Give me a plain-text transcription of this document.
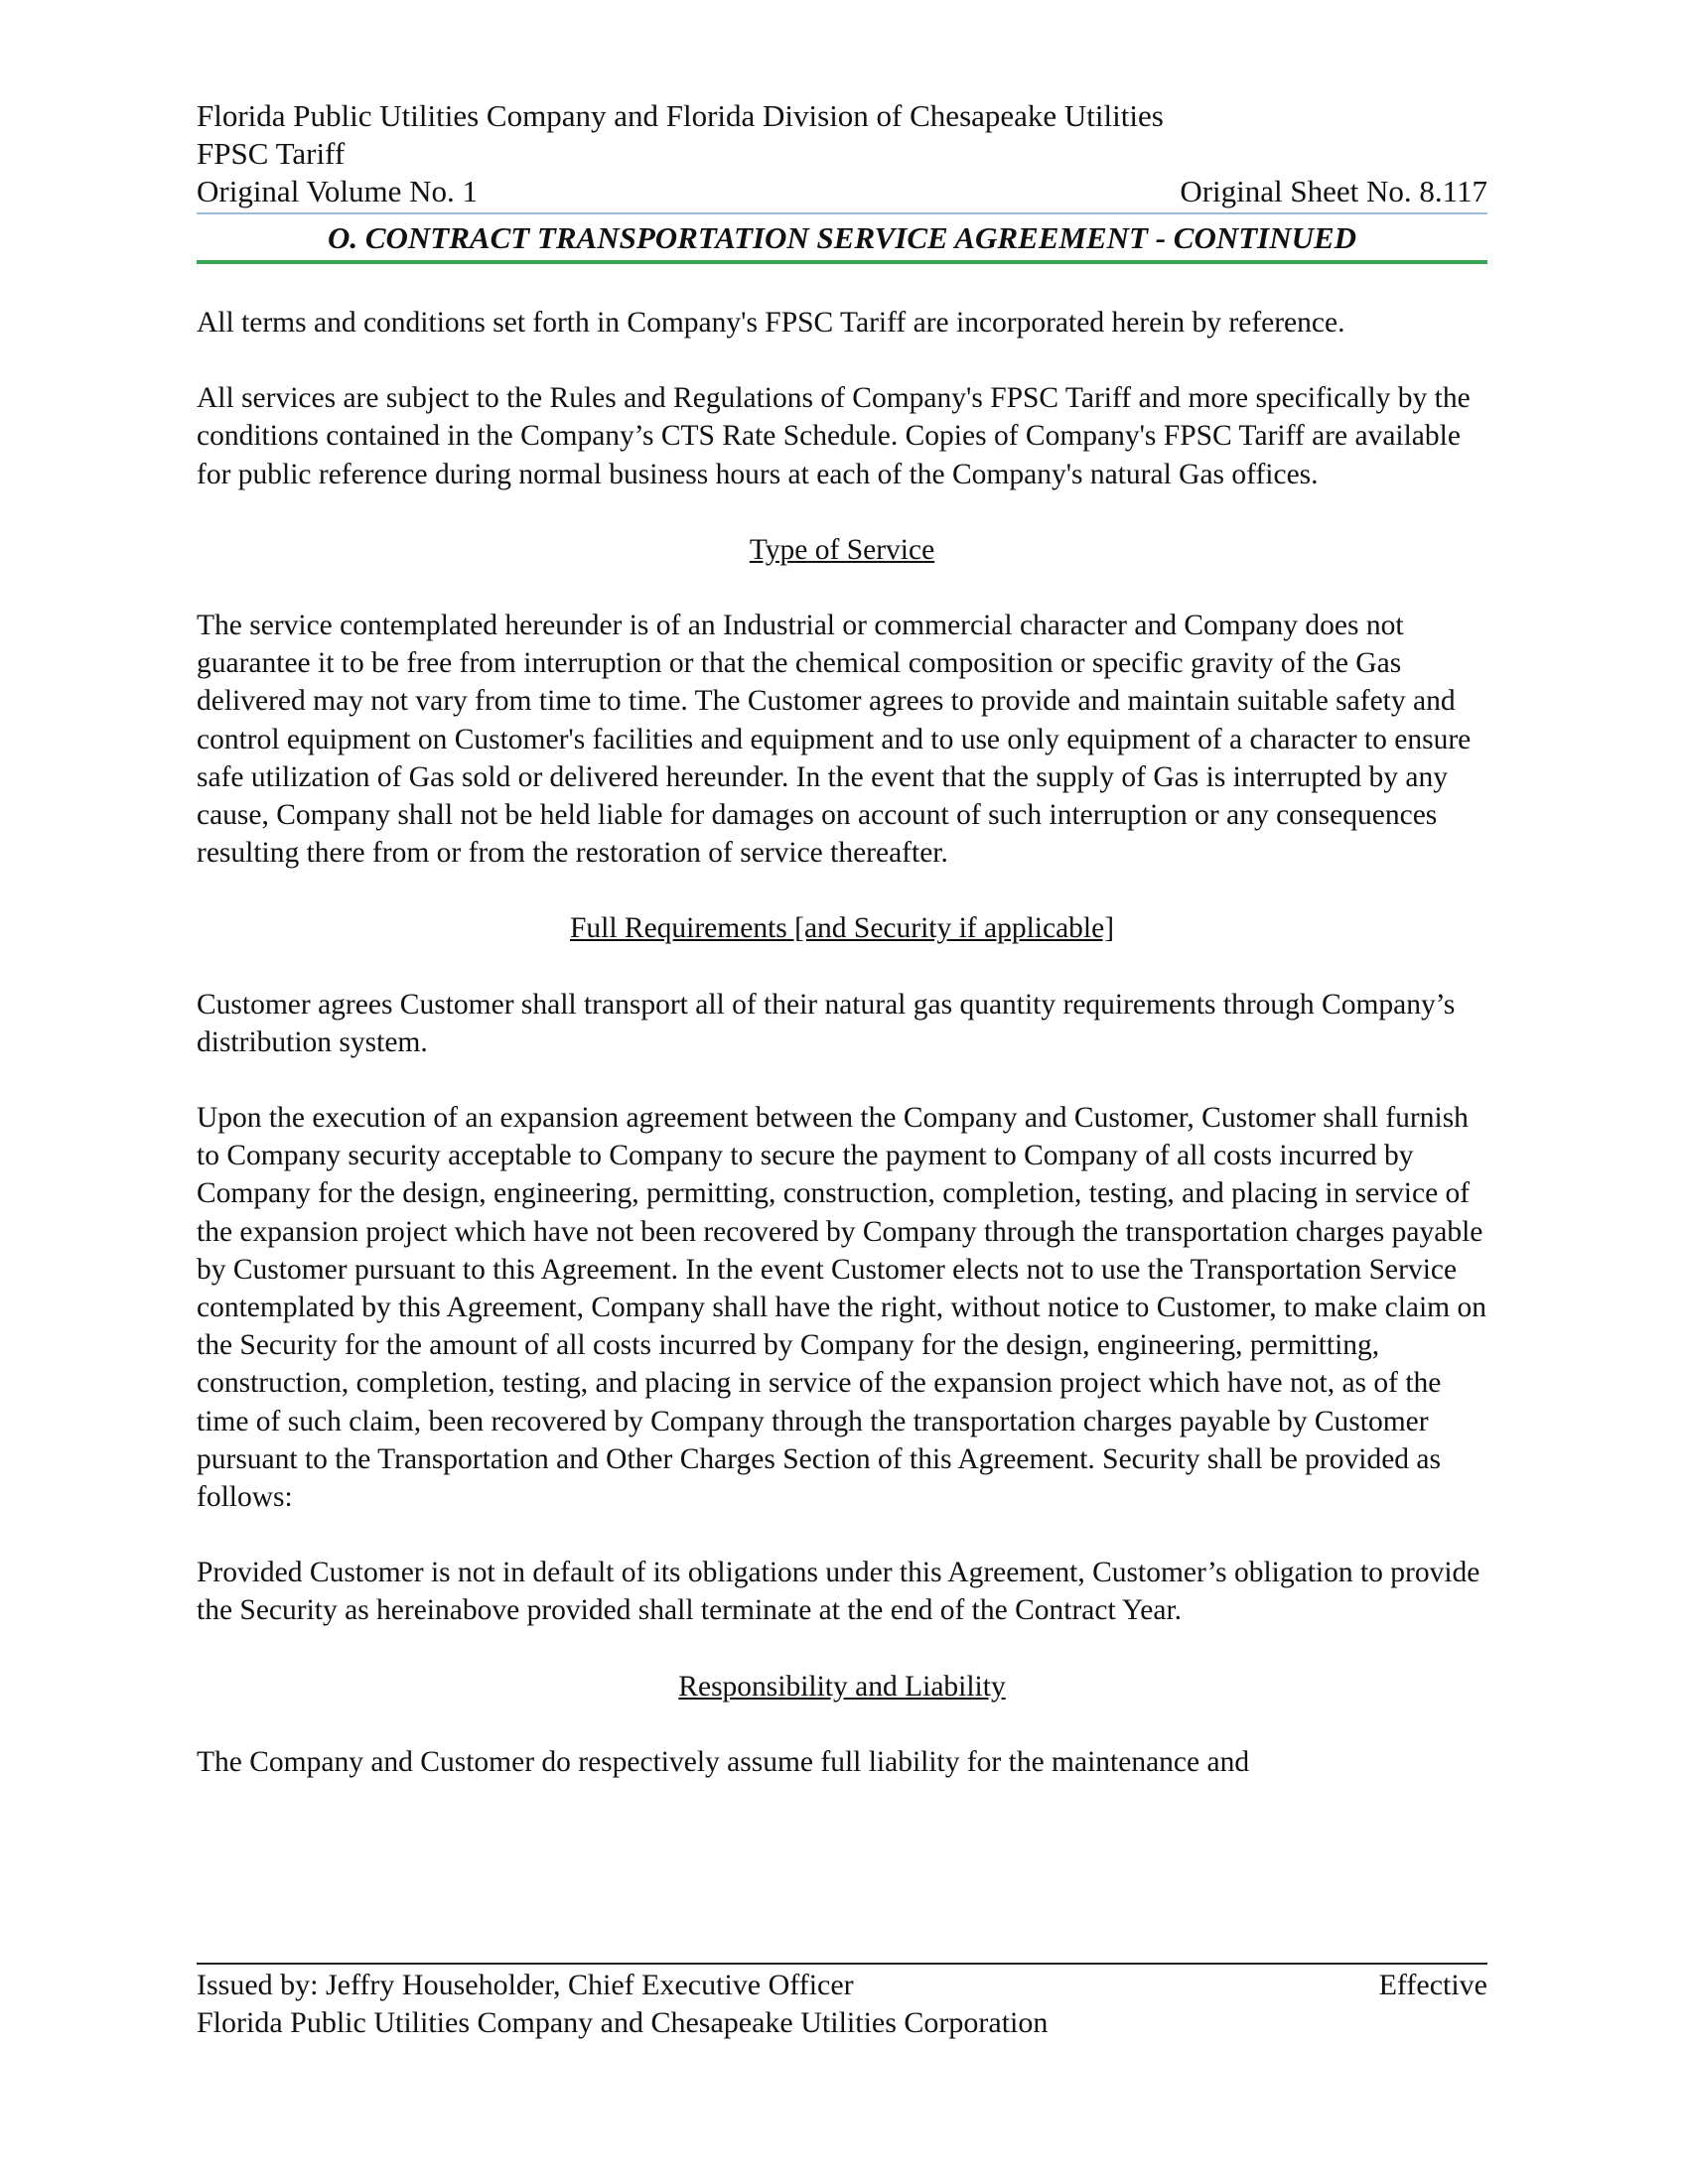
Florida Public Utilities Company and Florida Division of Chesapeake Utilities
FPSC Tariff
Original Volume No. 1	Original Sheet No. 8.117
O. CONTRACT TRANSPORTATION SERVICE AGREEMENT - CONTINUED

All terms and conditions set forth in Company's FPSC Tariff are incorporated herein by reference.

All services are subject to the Rules and Regulations of Company's FPSC Tariff and more specifically by the conditions contained in the Company’s CTS Rate Schedule. Copies of Company's FPSC Tariff are available for public reference during normal business hours at each of the Company's natural Gas offices.

Type of Service

The service contemplated hereunder is of an Industrial or commercial character and Company does not guarantee it to be free from interruption or that the chemical composition or specific gravity of the Gas delivered may not vary from time to time. The Customer agrees to provide and maintain suitable safety and control equipment on Customer's facilities and equipment and to use only equipment of a character to ensure safe utilization of Gas sold or delivered hereunder. In the event that the supply of Gas is interrupted by any cause, Company shall not be held liable for damages on account of such interruption or any consequences resulting there from or from the restoration of service thereafter.

Full Requirements [and Security if applicable]

Customer agrees Customer shall transport all of their natural gas quantity requirements through Company’s distribution system.

Upon the execution of an expansion agreement between the Company and Customer, Customer shall furnish to Company security acceptable to Company to secure the payment to Company of all costs incurred by Company for the design, engineering, permitting, construction, completion, testing, and placing in service of the expansion project which have not been recovered by Company through the transportation charges payable by Customer pursuant to this Agreement. In the event Customer elects not to use the Transportation Service contemplated by this Agreement, Company shall have the right, without notice to Customer, to make claim on the Security for the amount of all costs incurred by Company for the design, engineering, permitting, construction, completion, testing, and placing in service of the expansion project which have not, as of the time of such claim, been recovered by Company through the transportation charges payable by Customer pursuant to the Transportation and Other Charges Section of this Agreement. Security shall be provided as follows:

Provided Customer is not in default of its obligations under this Agreement, Customer’s obligation to provide the Security as hereinabove provided shall terminate at the end of the Contract Year.

Responsibility and Liability

The Company and Customer do respectively assume full liability for the maintenance and

Issued by: Jeffry Householder, Chief Executive Officer	Effective
Florida Public Utilities Company and Chesapeake Utilities Corporation
